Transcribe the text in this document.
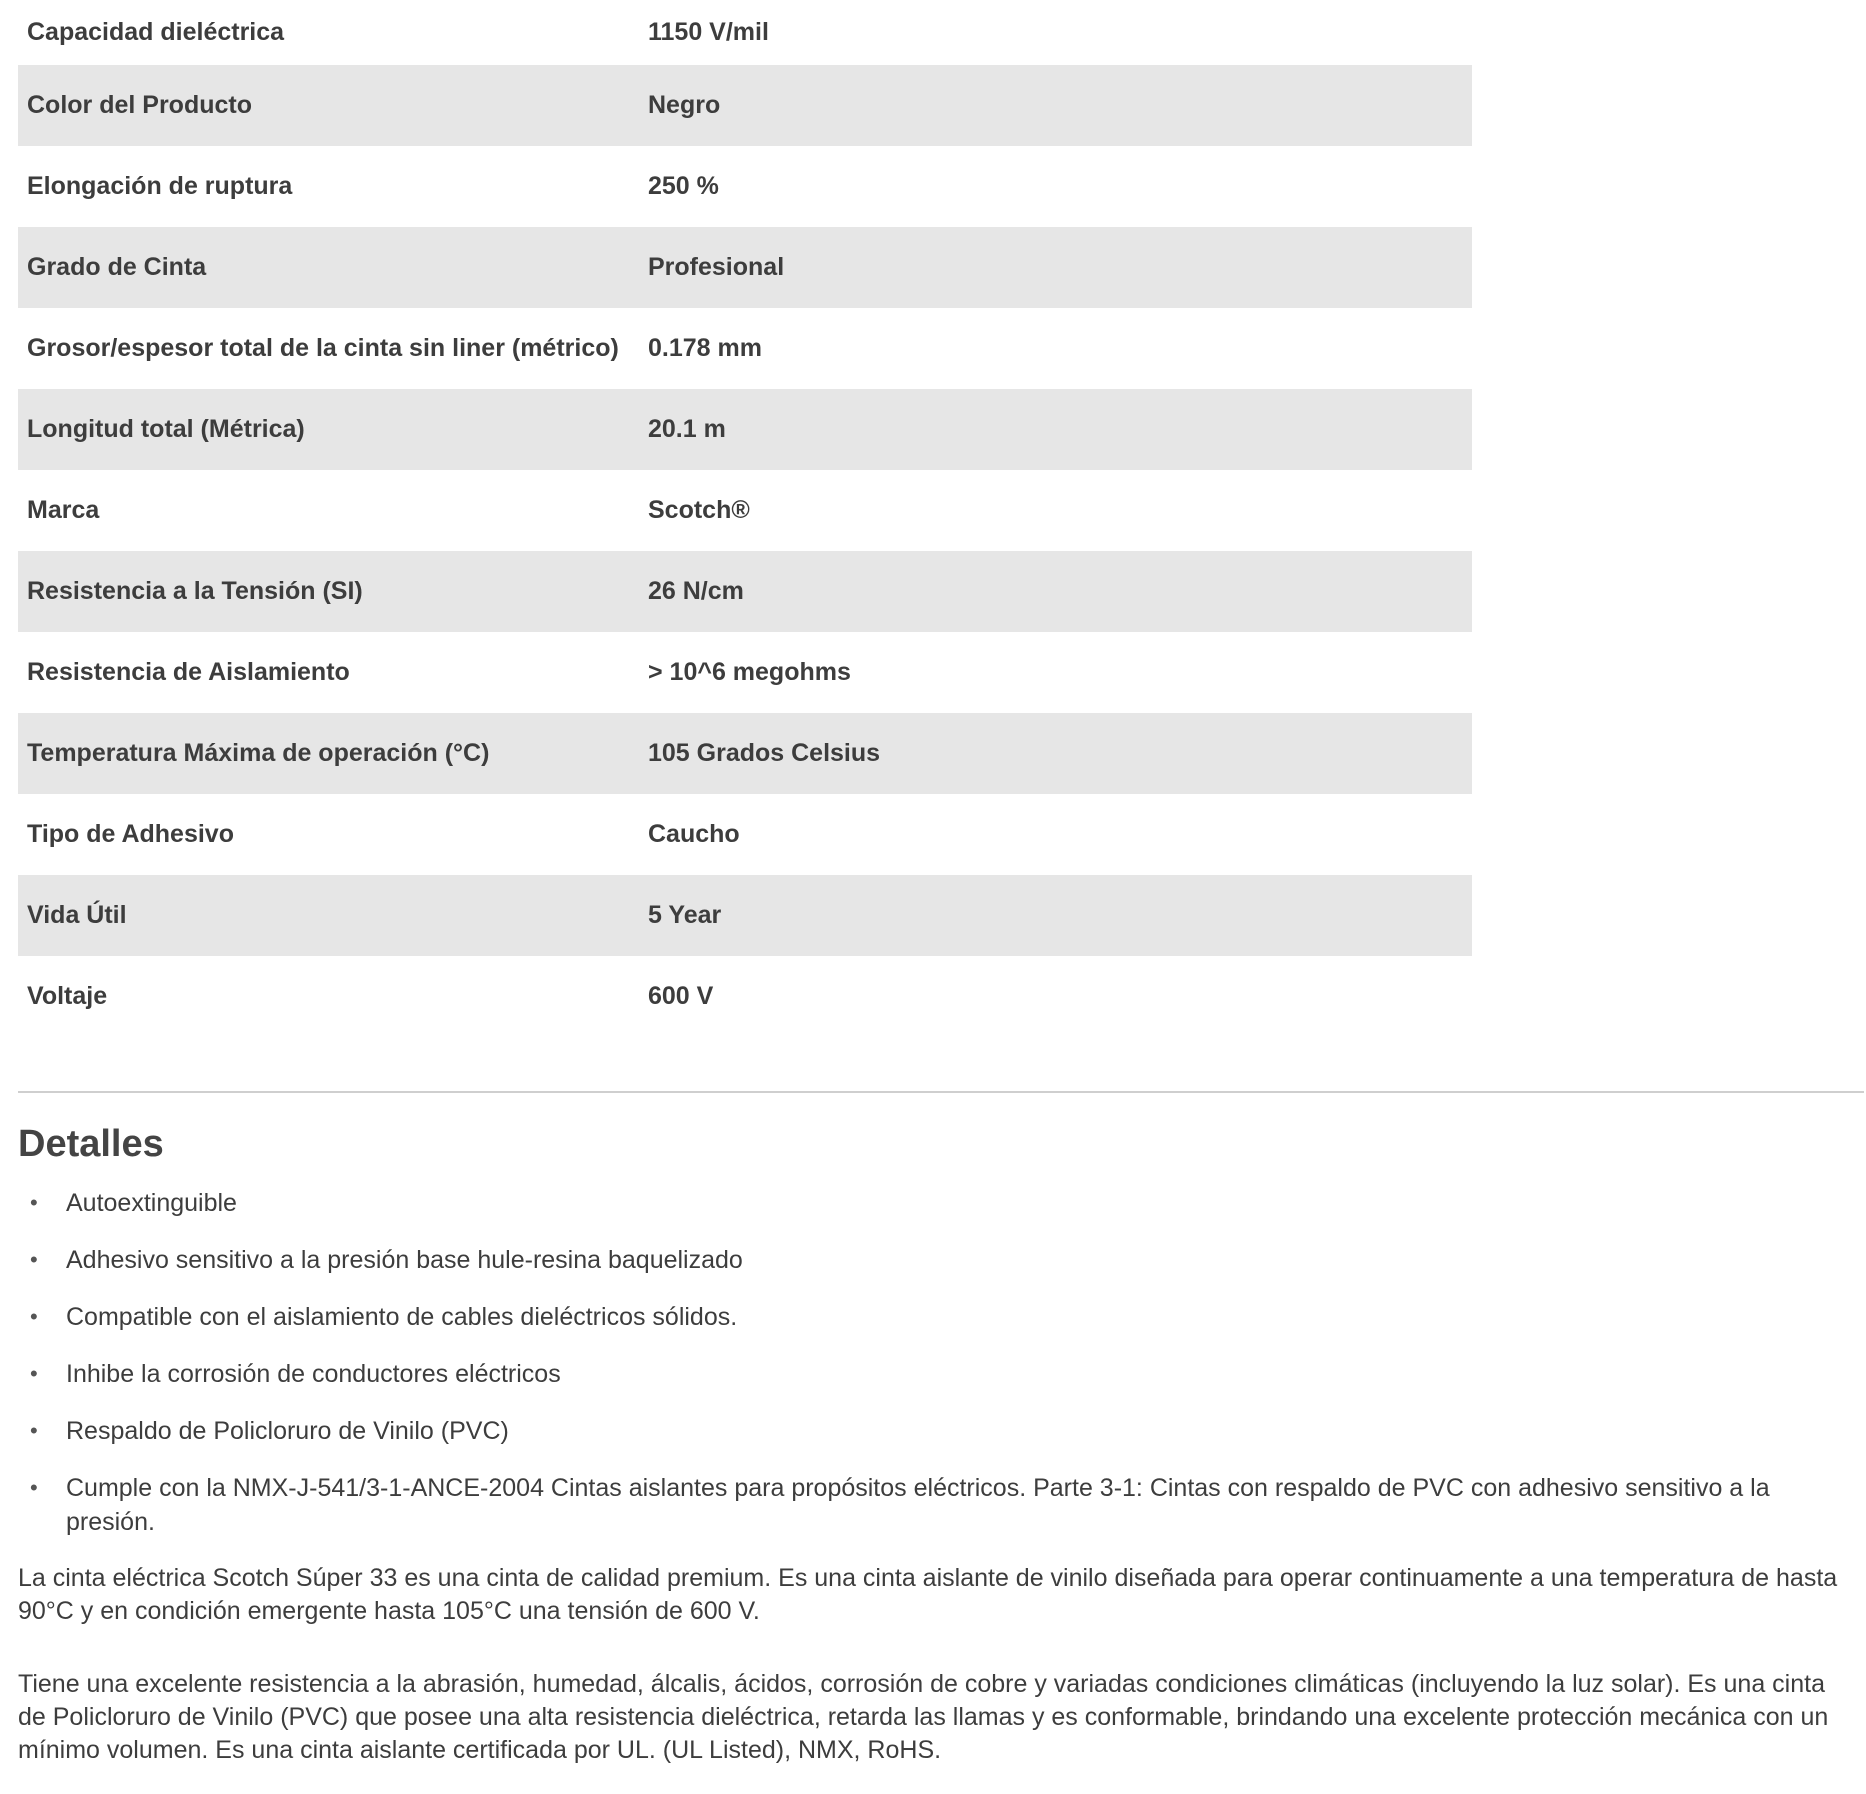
Capacidad dieléctrica	1150 V/mil
Color del Producto	Negro
Elongación de ruptura	250 %
Grado de Cinta	Profesional
Grosor/espesor total de la cinta sin liner (métrico)	0.178 mm
Longitud total (Métrica)	20.1 m
Marca	Scotch®
Resistencia a la Tensión (SI)	26 N/cm
Resistencia de Aislamiento	> 10^6 megohms
Temperatura Máxima de operación (°C)	105 Grados Celsius
Tipo de Adhesivo	Caucho
Vida Útil	5 Year
Voltaje	600 V
Detalles
• Autoextinguible
• Adhesivo sensitivo a la presión base hule-resina baquelizado
• Compatible con el aislamiento de cables dieléctricos sólidos.
• Inhibe la corrosión de conductores eléctricos
• Respaldo de Policloruro de Vinilo (PVC)
• Cumple con la NMX-J-541/3-1-ANCE-2004 Cintas aislantes para propósitos eléctricos. Parte 3-1: Cintas con respaldo de PVC con adhesivo sensitivo a la presión.

La cinta eléctrica Scotch Súper 33 es una cinta de calidad premium. Es una cinta aislante de vinilo diseñada para operar continuamente a una temperatura de hasta 90°C y en condición emergente hasta 105°C una tensión de 600 V.

Tiene una excelente resistencia a la abrasión, humedad, álcalis, ácidos, corrosión de cobre y variadas condiciones climáticas (incluyendo la luz solar). Es una cinta de Policloruro de Vinilo (PVC) que posee una alta resistencia dieléctrica, retarda las llamas y es conformable, brindando una excelente protección mecánica con un mínimo volumen. Es una cinta aislante certificada por UL. (UL Listed), NMX, RoHS.
